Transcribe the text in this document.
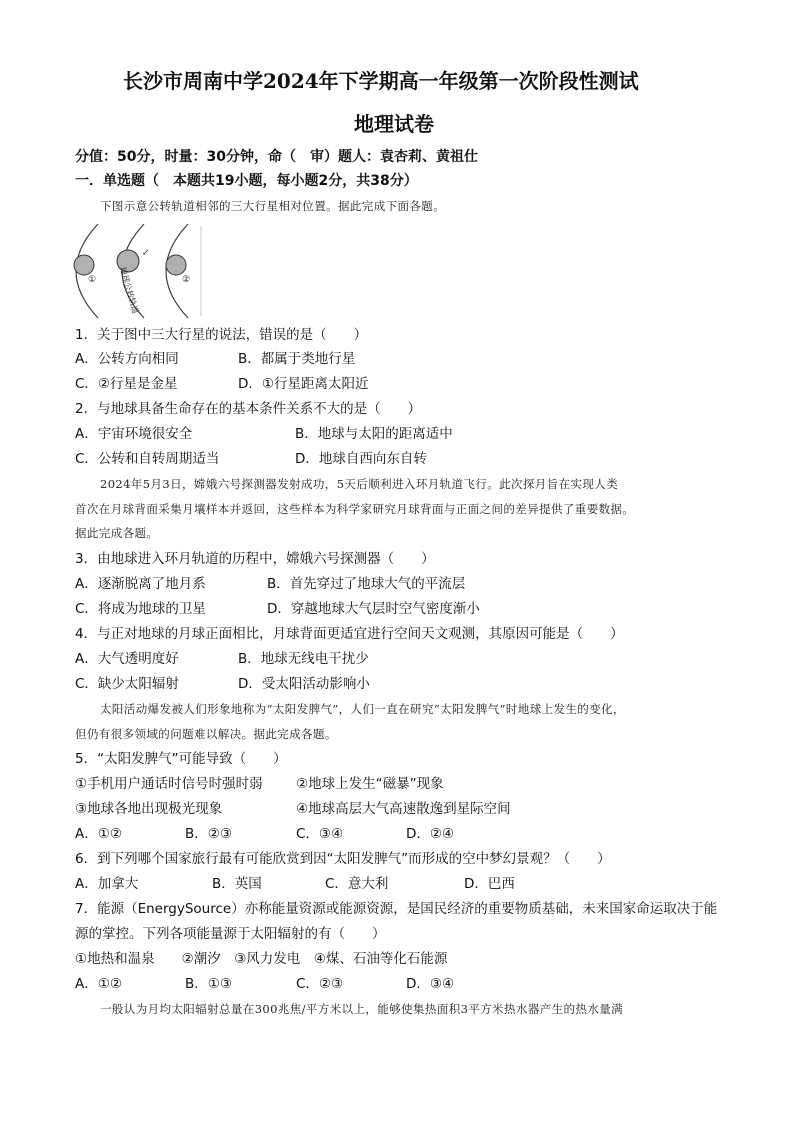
长沙市周南中学2024年下学期高一年级第一次阶段性测试
地理试卷
分值：50分，时量：30分钟，命（　审）题人：袁杏莉、黄祖仕
一．单选题（　本题共19小题，每小题2分，共38分）
下图示意公转轨道相邻的三大行星相对位置。据此完成下面各题。
①	②
↙
地球公转轨道
1．关于图中三大行星的说法，错误的是（　　）
A．公转方向相同	B．都属于类地行星
C．②行星是金星	D．①行星距离太阳近
2．与地球具备生命存在的基本条件关系不大的是（　　）
A．宇宙环境很安全	B．地球与太阳的距离适中
C．公转和自转周期适当	D．地球自西向东自转
2024年5月3日，嫦娥六号探测器发射成功，5天后顺利进入环月轨道飞行。此次探月旨在实现人类
首次在月球背面采集月壤样本并返回，这些样本为科学家研究月球背面与正面之间的差异提供了重要数据。
据此完成各题。
3．由地球进入环月轨道的历程中，嫦娥六号探测器（　　）
A．逐渐脱离了地月系	B．首先穿过了地球大气的平流层
C．将成为地球的卫星	D．穿越地球大气层时空气密度渐小
4．与正对地球的月球正面相比，月球背面更适宜进行空间天文观测，其原因可能是（　　）
A．大气透明度好	B．地球无线电干扰少
C．缺少太阳辐射	D．受太阳活动影响小
太阳活动爆发被人们形象地称为“太阳发脾气”，人们一直在研究“太阳发脾气”时地球上发生的变化，
但仍有很多领域的问题难以解决。据此完成各题。
5．“太阳发脾气”可能导致（　　）
①手机用户通话时信号时强时弱 ②地球上发生“磁暴”现象
③地球各地出现极光现象	④地球高层大气高速散逸到星际空间
A．①②	B．②③	C．③④	D．②④
6．到下列哪个国家旅行最有可能欣赏到因“太阳发脾气”而形成的空中梦幻景观？（　　）
A．加拿大	B．英国	C．意大利	D．巴西
7．能源（EnergySource）亦称能量资源或能源资源，是国民经济的重要物质基础，未来国家命运取决于能
源的掌控。下列各项能量源于太阳辐射的有（　　）
①地热和温泉　　②潮汐　③风力发电　④煤、石油等化石能源
A．①②	B．①③	C．②③	D．③④
一般认为月均太阳辐射总量在300兆焦/平方米以上，能够使集热面积3平方米热水器产生的热水量满
